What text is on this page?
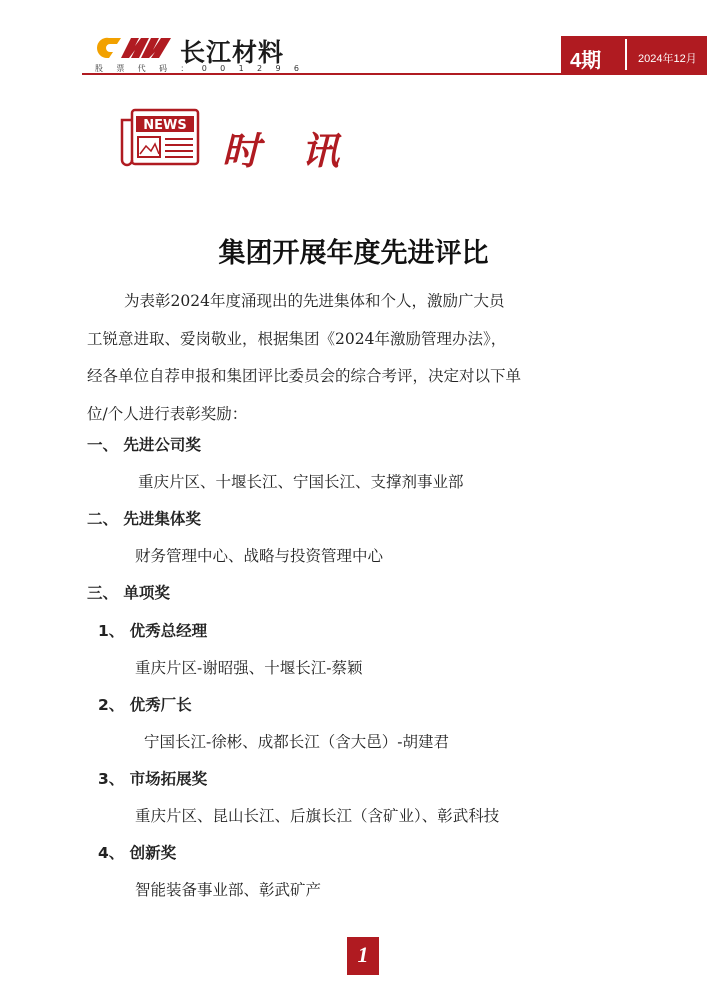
长江材料
股 票 代 码 ： 0 0 1 2 9 6	4期	2024年12月
NEWS
时 讯
集团开展年度先进评比

为表彰2024年度涌现出的先进集体和个人，激励广大员

工锐意进取、爱岗敬业，根据集团《2024年激励管理办法》，

经各单位自荐申报和集团评比委员会的综合考评，决定对以下单

位/个人进行表彰奖励：

一、 先进公司奖
重庆片区、十堰长江、宁国长江、支撑剂事业部
二、 先进集体奖
财务管理中心、战略与投资管理中心
三、 单项奖
1、 优秀总经理
重庆片区-谢昭强、十堰长江-蔡颖
2、 优秀厂长
宁国长江-徐彬、成都长江（含大邑）-胡建君
3、 市场拓展奖
重庆片区、昆山长江、后旗长江（含矿业）、彰武科技
4、 创新奖
智能装备事业部、彰武矿产
1
